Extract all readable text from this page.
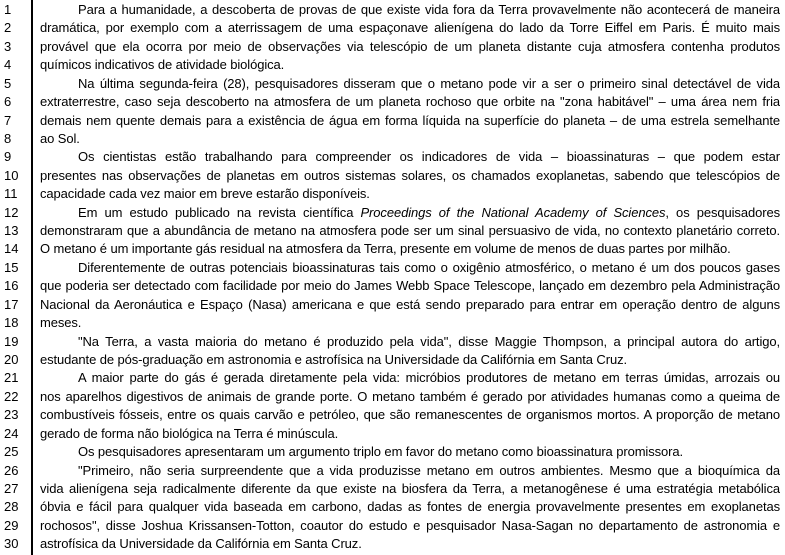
1	Para a humanidade, a descoberta de provas de que existe vida fora da Terra provavelmente não acontecerá de maneira
2	dramática, por exemplo com a aterrissagem de uma espaçonave alienígena do lado da Torre Eiffel em Paris. É muito mais
3	provável que ela ocorra por meio de observações via telescópio de um planeta distante cuja atmosfera contenha produtos
4	químicos indicativos de atividade biológica.
5	Na última segunda-feira (28), pesquisadores disseram que o metano pode vir a ser o primeiro sinal detectável de vida
6	extraterrestre, caso seja descoberto na atmosfera de um planeta rochoso que orbite na "zona habitável" – uma área nem fria
7	demais nem quente demais para a existência de água em forma líquida na superfície do planeta – de uma estrela semelhante
8	ao Sol.
9	Os cientistas estão trabalhando para compreender os indicadores de vida – bioassinaturas – que podem estar
10	presentes nas observações de planetas em outros sistemas solares, os chamados exoplanetas, sabendo que telescópios de
11	capacidade cada vez maior em breve estarão disponíveis.
12	Em um estudo publicado na revista científica Proceedings of the National Academy of Sciences, os pesquisadores
13	demonstraram que a abundância de metano na atmosfera pode ser um sinal persuasivo de vida, no contexto planetário correto.
14	O metano é um importante gás residual na atmosfera da Terra, presente em volume de menos de duas partes por milhão.
15	Diferentemente de outras potenciais bioassinaturas tais como o oxigênio atmosférico, o metano é um dos poucos gases
16	que poderia ser detectado com facilidade por meio do James Webb Space Telescope, lançado em dezembro pela Administração
17	Nacional da Aeronáutica e Espaço (Nasa) americana e que está sendo preparado para entrar em operação dentro de alguns
18	meses.
19	"Na Terra, a vasta maioria do metano é produzido pela vida", disse Maggie Thompson, a principal autora do artigo,
20	estudante de pós-graduação em astronomia e astrofísica na Universidade da Califórnia em Santa Cruz.
21	A maior parte do gás é gerada diretamente pela vida: micróbios produtores de metano em terras úmidas, arrozais ou
22	nos aparelhos digestivos de animais de grande porte. O metano também é gerado por atividades humanas como a queima de
23	combustíveis fósseis, entre os quais carvão e petróleo, que são remanescentes de organismos mortos. A proporção de metano
24	gerado de forma não biológica na Terra é minúscula.
25	Os pesquisadores apresentaram um argumento triplo em favor do metano como bioassinatura promissora.
26	"Primeiro, não seria surpreendente que a vida produzisse metano em outros ambientes. Mesmo que a bioquímica da
27	vida alienígena seja radicalmente diferente da que existe na biosfera da Terra, a metanogênese é uma estratégia metabólica
28	óbvia e fácil para qualquer vida baseada em carbono, dadas as fontes de energia provavelmente presentes em exoplanetas
29	rochosos", disse Joshua Krissansen-Totton, coautor do estudo e pesquisador Nasa-Sagan no departamento de astronomia e
30	astrofísica da Universidade da Califórnia em Santa Cruz.
